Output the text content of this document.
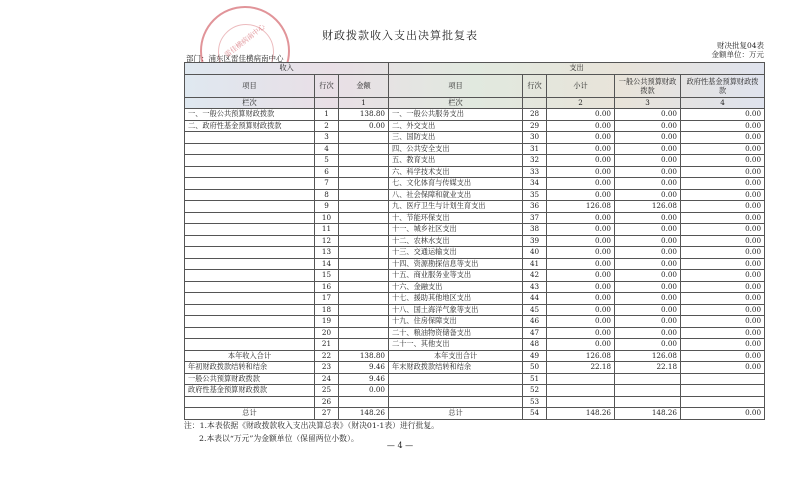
财政拨款收入支出决算批复表
财决批复04表
金额单位：万元
部门：浦东区雷佳横病南中心
雷佳横病南中心
收入			支出				
项目	行次	金额	项目	行次	小计	一般公共预算财政拨款	政府性基金预算财政拨款
栏次		1	栏次		2	3	4
一、一般公共预算财政拨款	1	138.80	一、一般公共服务支出	28	0.00	0.00	0.00
二、政府性基金预算财政拨款	2	0.00	二、外交支出	29	0.00	0.00	0.00
	3		三、国防支出	30	0.00	0.00	0.00
	4		四、公共安全支出	31	0.00	0.00	0.00
	5		五、教育支出	32	0.00	0.00	0.00
	6		六、科学技术支出	33	0.00	0.00	0.00
	7		七、文化体育与传媒支出	34	0.00	0.00	0.00
	8		八、社会保障和就业支出	35	0.00	0.00	0.00
	9		九、医疗卫生与计划生育支出	36	126.08	126.08	0.00
	10		十、节能环保支出	37	0.00	0.00	0.00
	11		十一、城乡社区支出	38	0.00	0.00	0.00
	12		十二、农林水支出	39	0.00	0.00	0.00
	13		十三、交通运输支出	40	0.00	0.00	0.00
	14		十四、资源勘探信息等支出	41	0.00	0.00	0.00
	15		十五、商业服务业等支出	42	0.00	0.00	0.00
	16		十六、金融支出	43	0.00	0.00	0.00
	17		十七、援助其他地区支出	44	0.00	0.00	0.00
	18		十八、国土海洋气象等支出	45	0.00	0.00	0.00
	19		十九、住房保障支出	46	0.00	0.00	0.00
	20		二十、粮油物资储备支出	47	0.00	0.00	0.00
	21		二十一、其他支出	48	0.00	0.00	0.00
本年收入合计	22	138.80	本年支出合计	49	126.08	126.08	0.00
年初财政拨款结转和结余	23	9.46	年末财政拨款结转和结余	50	22.18	22.18	0.00
一般公共预算财政拨款	24	9.46		51			
政府性基金预算财政拨款	25	0.00		52			
	26			53			
总计	27	148.26	总计	54	148.26	148.26	0.00
注：1.本表依据《财政拨款收入支出决算总表》（财决01-1表）进行批复。
2.本表以“万元”为金额单位（保留两位小数）。
— 4 —
